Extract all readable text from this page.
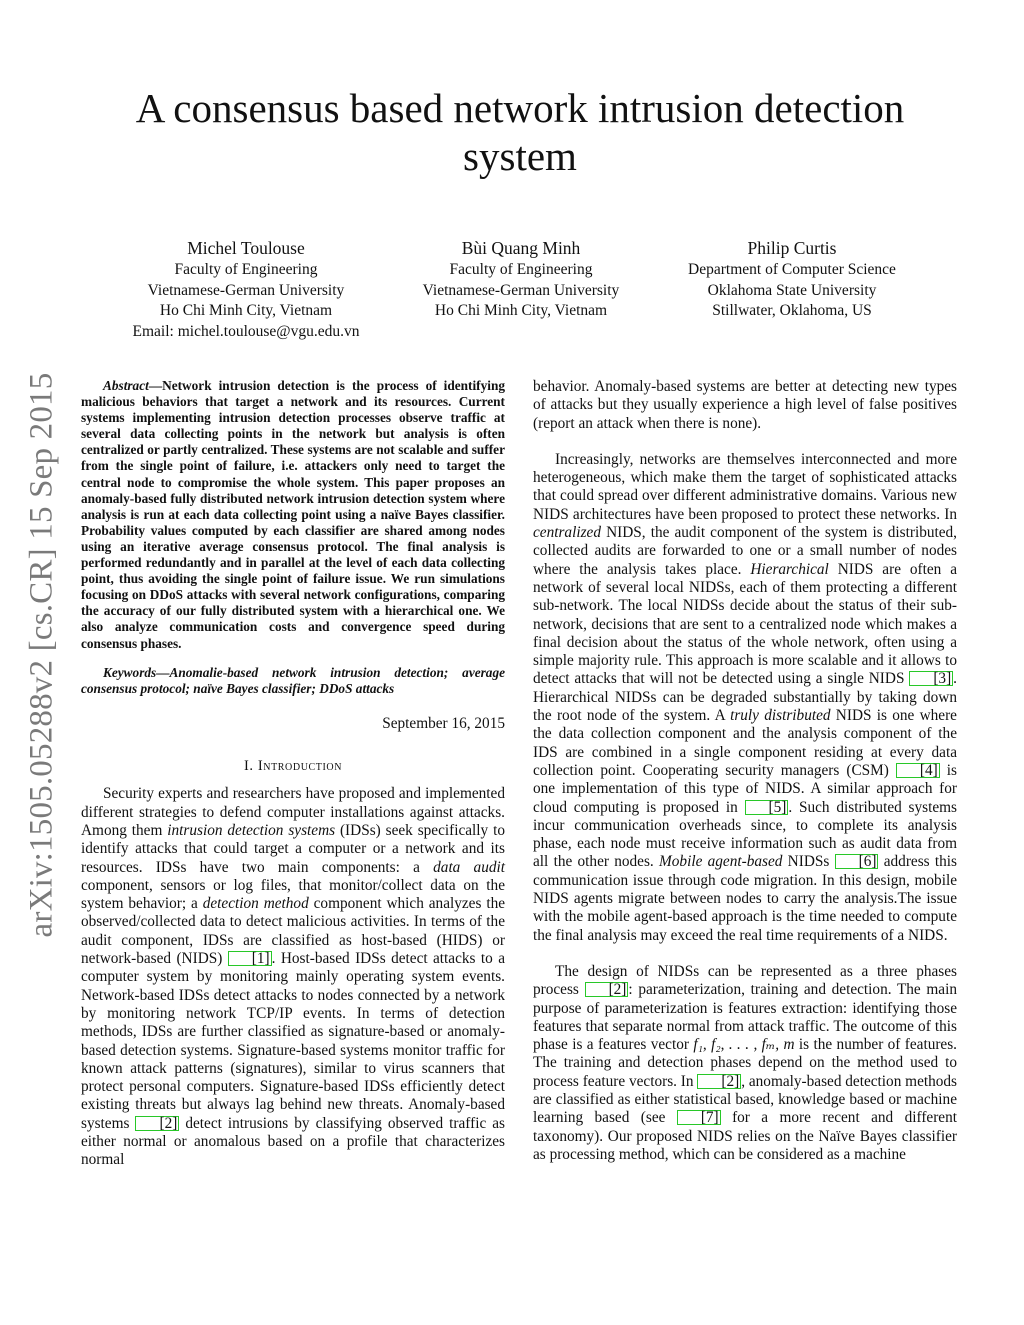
arXiv:1505.05288v2 [cs.CR] 15 Sep 2015
A consensus based network intrusion detection system
Michel Toulouse
Faculty of Engineering
Vietnamese-German University
Ho Chi Minh City, Vietnam
Email: michel.toulouse@vgu.edu.vn
Bùi Quang Minh
Faculty of Engineering
Vietnamese-German University
Ho Chi Minh City, Vietnam
Philip Curtis
Department of Computer Science
Oklahoma State University
Stillwater, Oklahoma, US

Abstract—Network intrusion detection is the process of identifying malicious behaviors that target a network and its resources. Current systems implementing intrusion detection processes observe traffic at several data collecting points in the network but analysis is often centralized or partly centralized. These systems are not scalable and suffer from the single point of failure, i.e. attackers only need to target the central node to compromise the whole system. This paper proposes an anomaly-based fully distributed network intrusion detection system where analysis is run at each data collecting point using a naïve Bayes classifier. Probability values computed by each classifier are shared among nodes using an iterative average consensus protocol. The final analysis is performed redundantly and in parallel at the level of each data collecting point, thus avoiding the single point of failure issue. We run simulations focusing on DDoS attacks with several network configurations, comparing the accuracy of our fully distributed system with a hierarchical one. We also analyze communication costs and convergence speed during consensus phases.

Keywords—Anomalie-based network intrusion detection; average consensus protocol; naïve Bayes classifier; DDoS attacks

September 16, 2015

I. Introduction

Security experts and researchers have proposed and implemented different strategies to defend computer installations against attacks. Among them intrusion detection systems (IDSs) seek specifically to identify attacks that could target a computer or a network and its resources. IDSs have two main components: a data audit component, sensors or log files, that monitor/collect data on the system behavior; a detection method component which analyzes the observed/collected data to detect malicious activities. In terms of the audit component, IDSs are classified as host-based (HIDS) or network-based (NIDS) [1] . Host-based IDSs detect attacks to a computer system by monitoring mainly operating system events. Network-based IDSs detect attacks to nodes connected by a network by monitoring network TCP/IP events. In terms of detection methods, IDSs are further classified as signature-based or anomaly-based detection systems. Signature-based systems monitor traffic for known attack patterns (signatures), similar to virus scanners that protect personal computers. Signature-based IDSs efficiently detect existing threats but always lag behind new threats. Anomaly-based systems [2] detect intrusions by classifying observed traffic as either normal or anomalous based on a profile that characterizes normal

behavior. Anomaly-based systems are better at detecting new types of attacks but they usually experience a high level of false positives (report an attack when there is none).

Increasingly, networks are themselves interconnected and more heterogeneous, which make them the target of sophisticated attacks that could spread over different administrative domains. Various new NIDS architectures have been proposed to protect these networks. In centralized NIDS, the audit component of the system is distributed, collected audits are forwarded to one or a small number of nodes where the analysis takes place. Hierarchical NIDS are often a network of several local NIDSs, each of them protecting a different sub-network. The local NIDSs decide about the status of their sub-network, decisions that are sent to a centralized node which makes a final decision about the status of the whole network, often using a simple majority rule. This approach is more scalable and it allows to detect attacks that will not be detected using a single NIDS [3] . Hierarchical NIDSs can be degraded substantially by taking down the root node of the system. A truly distributed NIDS is one where the data collection component and the analysis component of the IDS are combined in a single component residing at every data collection point. Cooperating security managers (CSM) [4] is one implementation of this type of NIDS. A similar approach for cloud computing is proposed in [5] . Such distributed systems incur communication overheads since, to complete its analysis phase, each node must receive information such as audit data from all the other nodes. Mobile agent-based NIDSs [6] address this communication issue through code migration. In this design, mobile NIDS agents migrate between nodes to carry the analysis.The issue with the mobile agent-based approach is the time needed to compute the final analysis may exceed the real time requirements of a NIDS.

The design of NIDSs can be represented as a three phases process [2] : parameterization, training and detection. The main purpose of parameterization is features extraction: identifying those features that separate normal from attack traffic. The outcome of this phase is a features vector f₁, f₂, . . . , fₘ, m is the number of features. The training and detection phases depend on the method used to process feature vectors. In [2] , anomaly-based detection methods are classified as either statistical based, knowledge based or machine learning based (see [7] for a more recent and different taxonomy). Our proposed NIDS relies on the Naïve Bayes classifier as processing method, which can be considered as a machine
